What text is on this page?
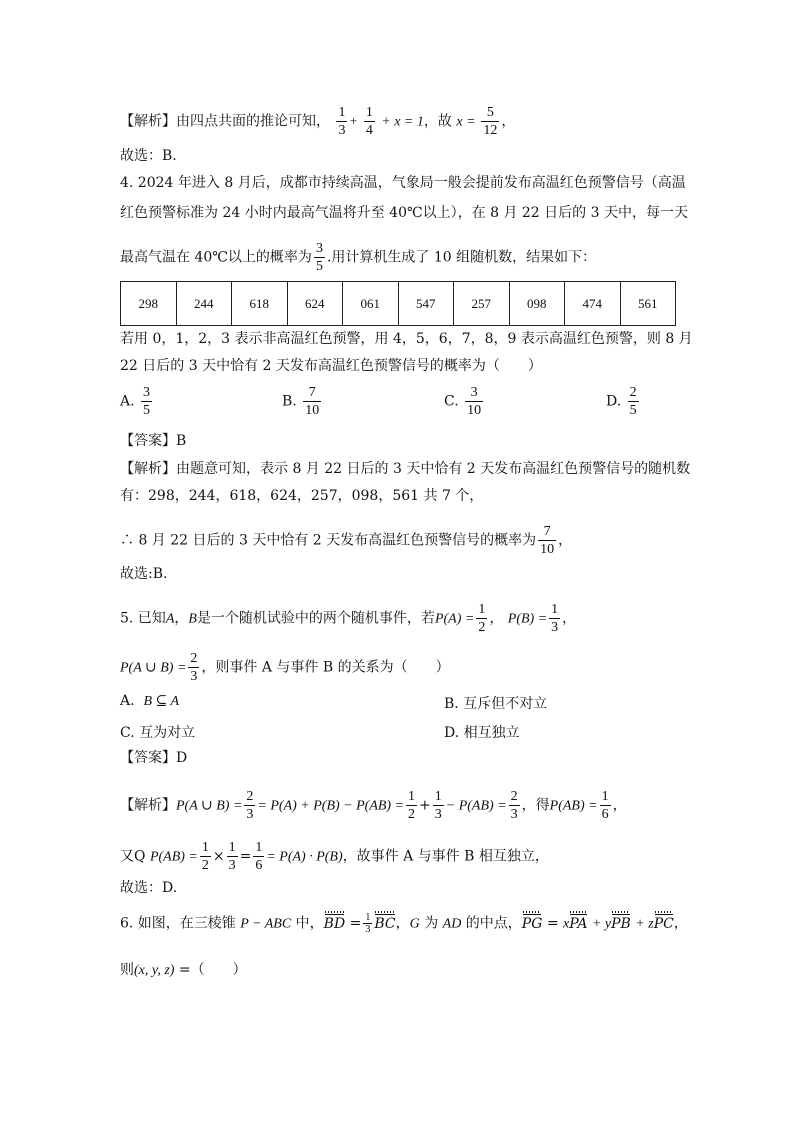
【解析】由四点共面的推论可知， $\frac{1}{3} + \frac{1}{4} + x = 1$，故 $x = \frac{5}{12}$ ，
故选：B.
4. 2024 年进入 8 月后，成都市持续高温，气象局一般会提前发布高温红色预警信号（高温
红色预警标准为 24 小时内最高气温将升至 40℃以上），在 8 月 22 日后的 3 天中，每一天
最高气温在 40℃以上的概率为 $\frac{3}{5}$ .用计算机生成了 10 组随机数，结果如下：
298	244	618	624	061	547	257	098	474	561
若用 0，1，2，3 表示非高温红色预警，用 4，5，6，7，8，9 表示高温红色预警，则 8 月
22 日后的 3 天中恰有 2 天发布高温红色预警信号的概率为（　　）
A. $\frac{3}{5}$	B. $\frac{7}{10}$	C. $\frac{3}{10}$	D. $\frac{2}{5}$
【答案】B
【解析】由题意可知，表示 8 月 22 日后的 3 天中恰有 2 天发布高温红色预警信号的随机数
有：298，244，618，624，257，098，561 共 7 个，
∴ 8 月 22 日后的 3 天中恰有 2 天发布高温红色预警信号的概率为 $\frac{7}{10}$ ，
故选:B.
5. 已知A，B是一个随机试验中的两个随机事件，若$P(A) = \frac{1}{2}$ ， $P(B) = \frac{1}{3}$ ，
P(A ∪ $B) = \frac{2}{3}$ ，则事件 A 与事件 B 的关系为（　　）
A. B ⊆ A	B. 互斥但不对立
C. 互为对立	D. 相互独立
【答案】D
【解析】P(A ∪ $B) = \frac{2}{3} = P(A) + P(B) - P(AB) = \frac{1}{2} + \frac{1}{3} - P(AB) = \frac{2}{3}$ ，得$P(AB) = \frac{1}{6}$ ，
又Q $P(AB) = \frac{1}{2} \times \frac{1}{3} = \frac{1}{6} = P(A) \cdot P(B)$，故事件 A 与事件 B 相互独立，
故选：D.
6. 如图，在三棱锥 P − ABC 中，BD = $\frac{1}{3}$ BC，G 为 AD 的中点，PG = xPA + yPB + zPC，
则(x, y, z) =（　　）
